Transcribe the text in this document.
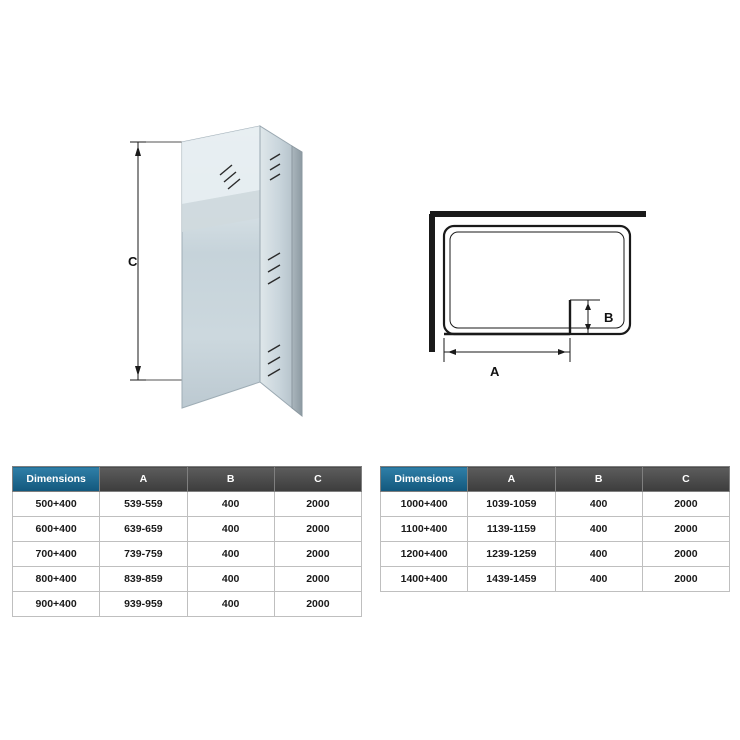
C
B
A
Dimensions	A	B	C
500+400	539-559	400	2000
600+400	639-659	400	2000
700+400	739-759	400	2000
800+400	839-859	400	2000
900+400	939-959	400	2000
Dimensions	A	B	C
1000+400	1039-1059	400	2000
1100+400	1139-1159	400	2000
1200+400	1239-1259	400	2000
1400+400	1439-1459	400	2000
